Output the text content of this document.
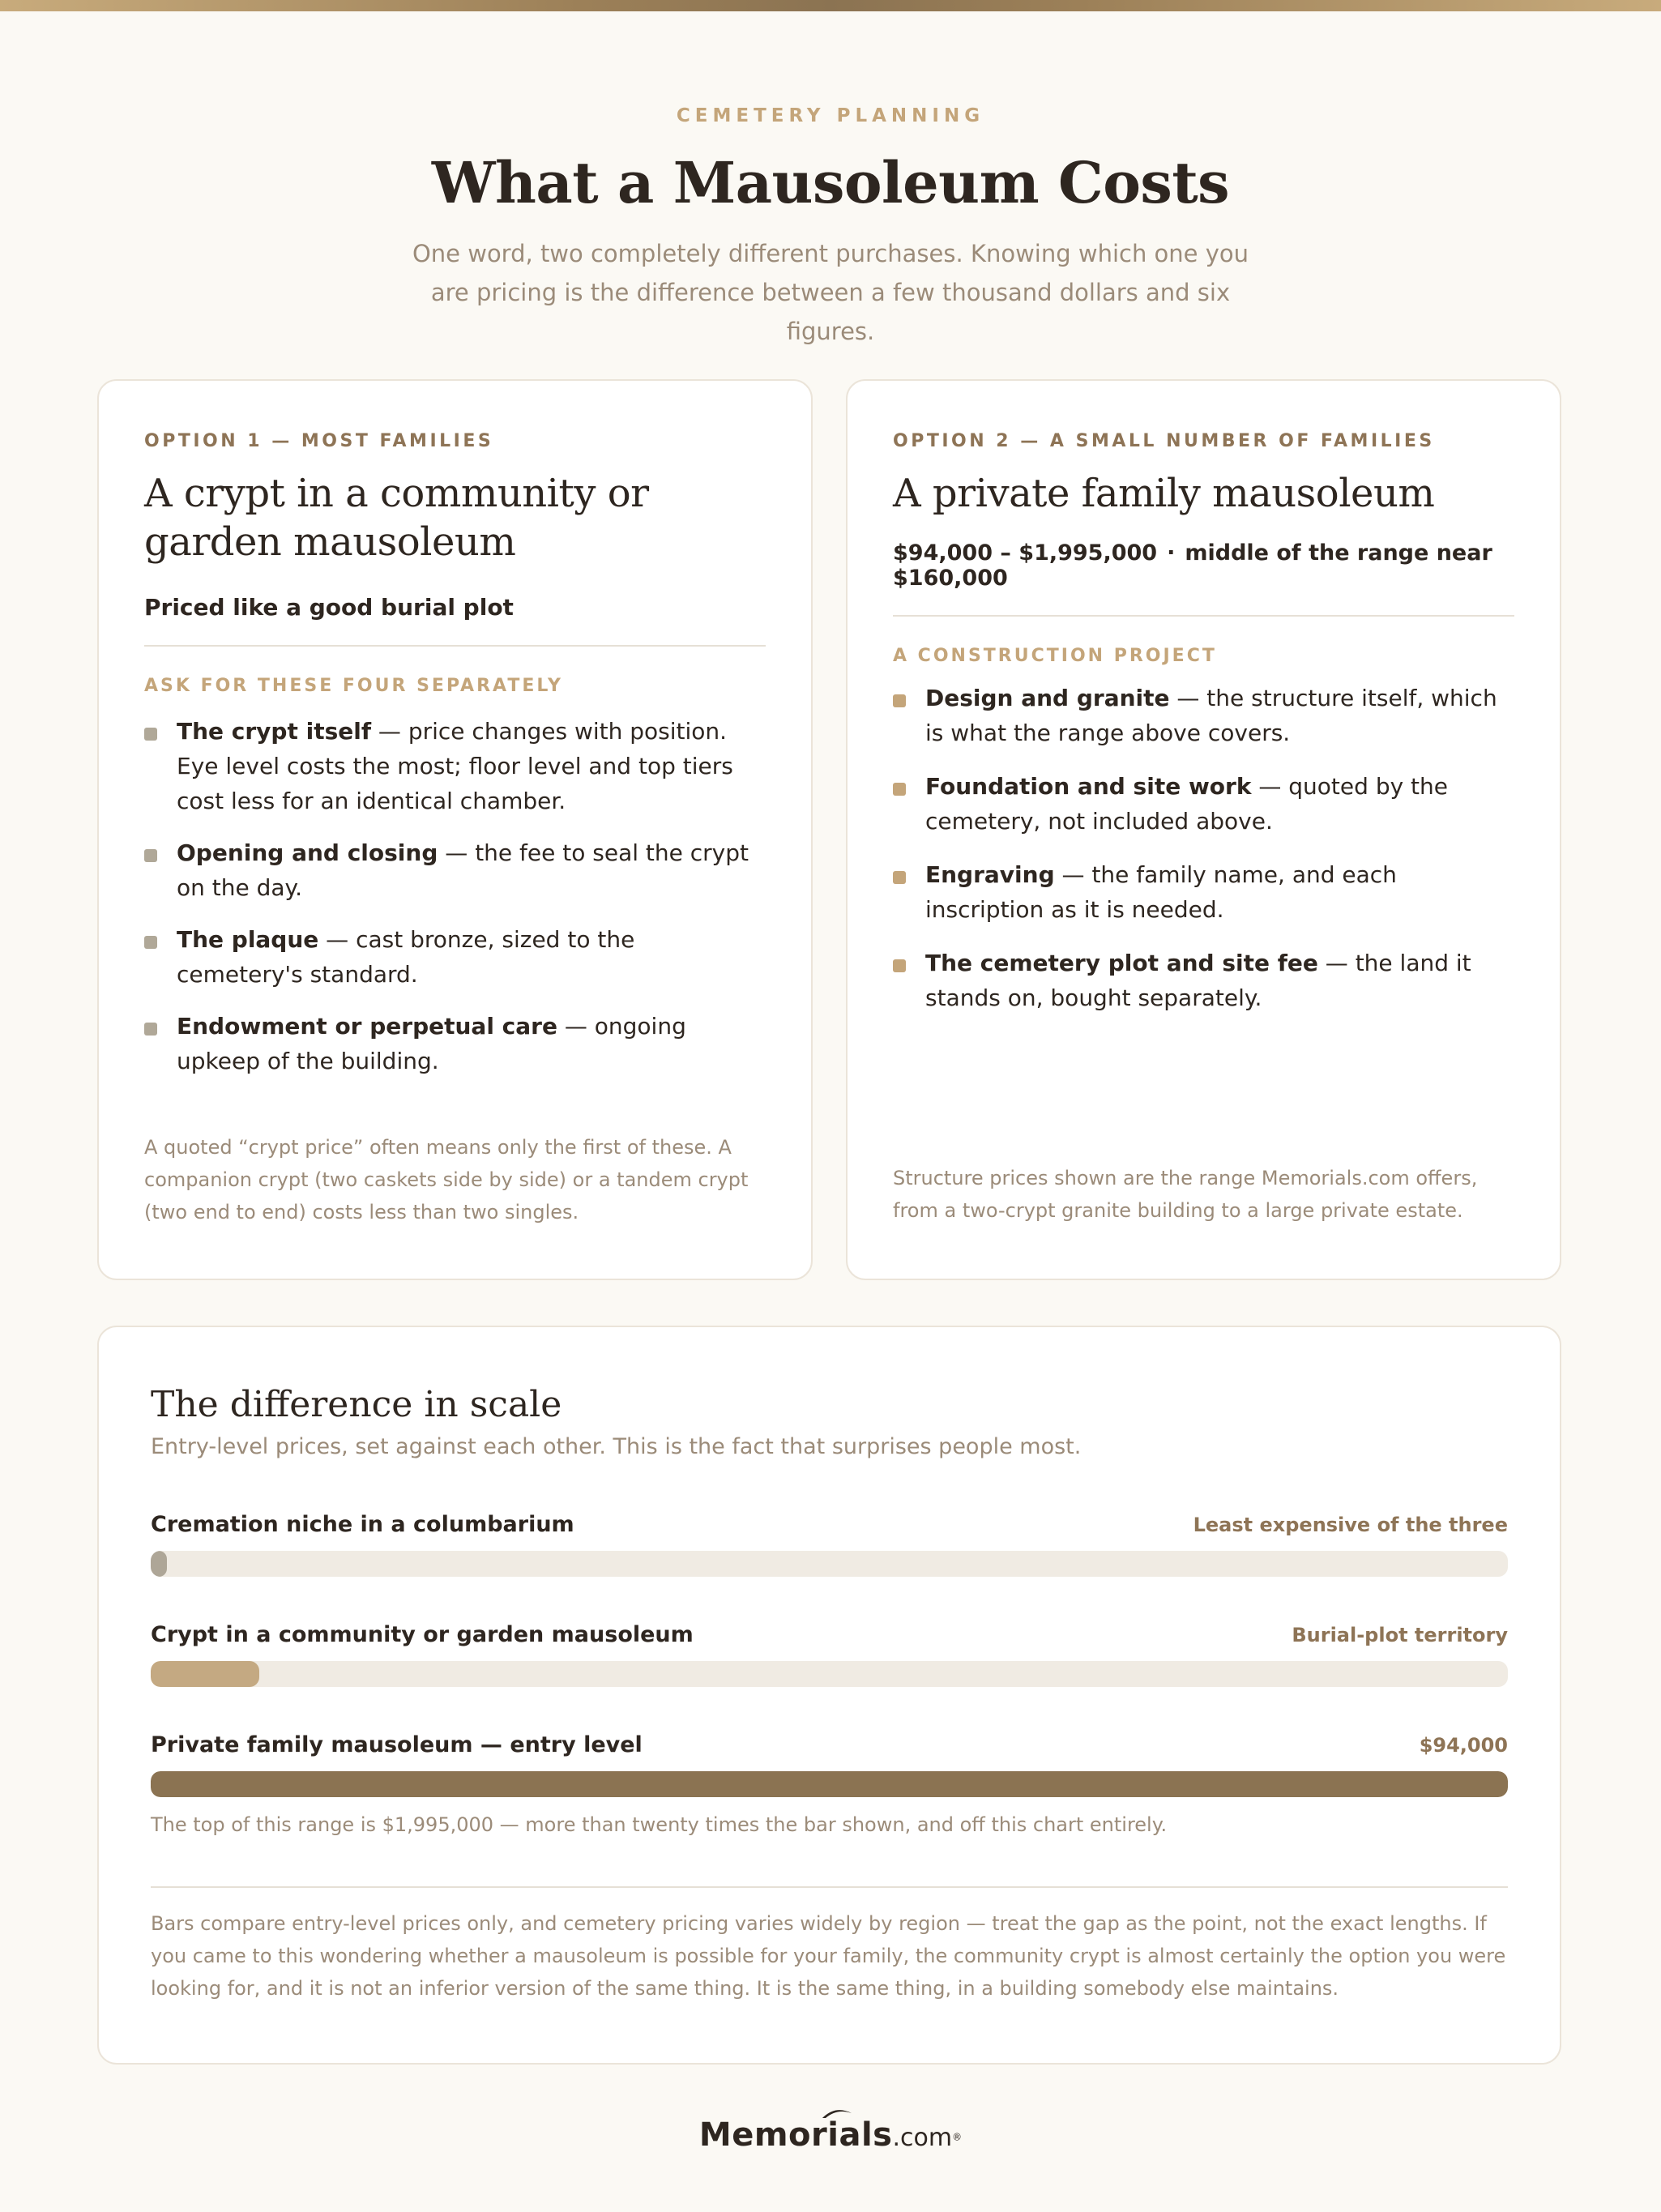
CEMETERY PLANNING
What a Mausoleum Costs
One word, two completely different purchases. Knowing which one you are pricing is the difference between a few thousand dollars and six figures.
OPTION 1 — MOST FAMILIES
A crypt in a community or garden mausoleum
Priced like a good burial plot
ASK FOR THESE FOUR SEPARATELY
The crypt itself — price changes with position. Eye level costs the most; floor level and top tiers cost less for an identical chamber.
Opening and closing — the fee to seal the crypt on the day.
The plaque — cast bronze, sized to the cemetery's standard.
Endowment or perpetual care — ongoing upkeep of the building.
A quoted “crypt price” often means only the first of these. A companion crypt (two caskets side by side) or a tandem crypt (two end to end) costs less than two singles.
OPTION 2 — A SMALL NUMBER OF FAMILIES
A private family mausoleum
$94,000 – $1,995,000 · middle of the range near $160,000
A CONSTRUCTION PROJECT
Design and granite — the structure itself, which is what the range above covers.
Foundation and site work — quoted by the cemetery, not included above.
Engraving — the family name, and each inscription as it is needed.
The cemetery plot and site fee — the land it stands on, bought separately.
Structure prices shown are the range Memorials.com offers, from a two-crypt granite building to a large private estate.
The difference in scale
Entry-level prices, set against each other. This is the fact that surprises people most.
Cremation niche in a columbarium	Least expensive of the three
Crypt in a community or garden mausoleum	Burial-plot territory
Private family mausoleum — entry level	$94,000
The top of this range is $1,995,000 — more than twenty times the bar shown, and off this chart entirely.
Bars compare entry-level prices only, and cemetery pricing varies widely by region — treat the gap as the point, not the exact lengths. If you came to this wondering whether a mausoleum is possible for your family, the community crypt is almost certainly the option you were looking for, and it is not an inferior version of the same thing. It is the same thing, in a building somebody else maintains.
Memorials.com®
